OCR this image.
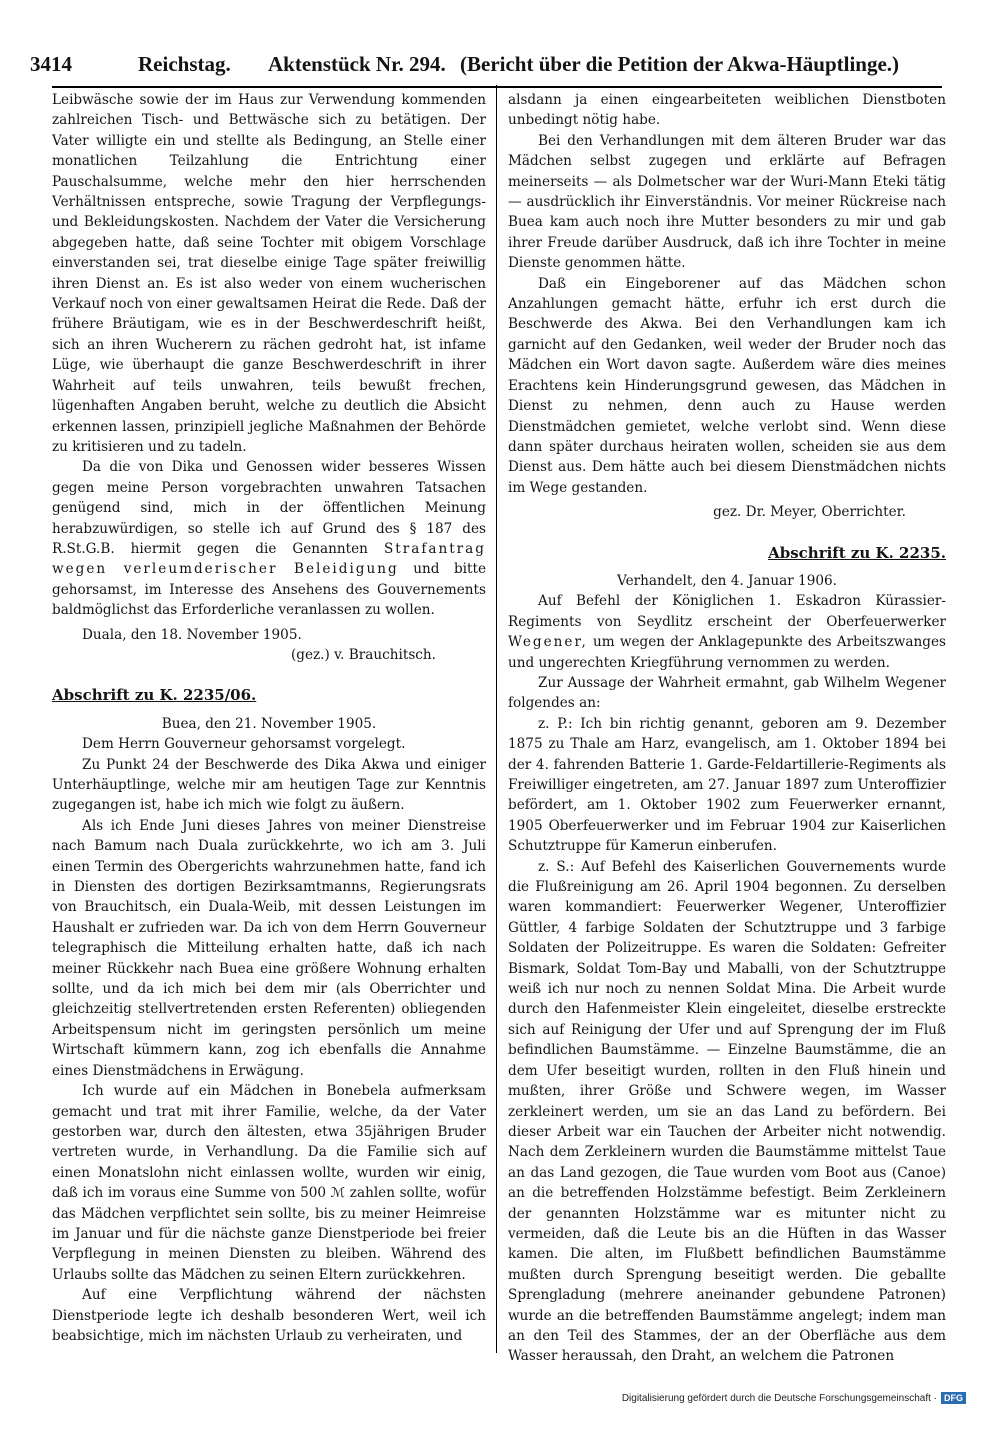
3414	Reichstag. Aktenstück Nr. 294. (Bericht über die Petition der Akwa-Häuptlinge.)

Leibwäsche sowie der im Haus zur Verwendung kommenden zahlreichen Tisch- und Bettwäsche sich zu betätigen. Der Vater willigte ein und stellte als Bedingung, an Stelle einer monatlichen Teilzahlung die Entrichtung einer Pauschalsumme, welche mehr den hier herrschenden Verhältnissen entspreche, sowie Tragung der Verpflegungs- und Bekleidungskosten. Nachdem der Vater die Versicherung abgegeben hatte, daß seine Tochter mit obigem Vorschlage einverstanden sei, trat dieselbe einige Tage später freiwillig ihren Dienst an. Es ist also weder von einem wucherischen Verkauf noch von einer gewaltsamen Heirat die Rede. Daß der frühere Bräutigam, wie es in der Beschwerdeschrift heißt, sich an ihren Wucherern zu rächen gedroht hat, ist infame Lüge, wie überhaupt die ganze Beschwerdeschrift in ihrer Wahrheit auf teils unwahren, teils bewußt frechen, lügenhaften Angaben beruht, welche zu deutlich die Absicht erkennen lassen, prinzipiell jegliche Maßnahmen der Behörde zu kritisieren und zu tadeln.

Da die von Dika und Genossen wider besseres Wissen gegen meine Person vorgebrachten unwahren Tatsachen genügend sind, mich in der öffentlichen Meinung herabzuwürdigen, so stelle ich auf Grund des § 187 des R.St.G.B. hiermit gegen die Genannten Strafantrag wegen verleumderischer Beleidigung und bitte gehorsamst, im Interesse des Ansehens des Gouvernements baldmöglichst das Erforderliche veranlassen zu wollen.

Duala, den 18. November 1905.

(gez.) v. Brauchitsch.

Abschrift zu K. 2235/06.

Buea, den 21. November 1905.

Dem Herrn Gouverneur gehorsamst vorgelegt.

Zu Punkt 24 der Beschwerde des Dika Akwa und einiger Unterhäuptlinge, welche mir am heutigen Tage zur Kenntnis zugegangen ist, habe ich mich wie folgt zu äußern.

Als ich Ende Juni dieses Jahres von meiner Dienstreise nach Bamum nach Duala zurückkehrte, wo ich am 3. Juli einen Termin des Obergerichts wahrzunehmen hatte, fand ich in Diensten des dortigen Bezirksamtmanns, Regierungsrats von Brauchitsch, ein Duala-Weib, mit dessen Leistungen im Haushalt er zufrieden war. Da ich von dem Herrn Gouverneur telegraphisch die Mitteilung erhalten hatte, daß ich nach meiner Rückkehr nach Buea eine größere Wohnung erhalten sollte, und da ich mich bei dem mir (als Oberrichter und gleichzeitig stellvertretenden ersten Referenten) obliegenden Arbeitspensum nicht im geringsten persönlich um meine Wirtschaft kümmern kann, zog ich ebenfalls die Annahme eines Dienstmädchens in Erwägung.

Ich wurde auf ein Mädchen in Bonebela aufmerksam gemacht und trat mit ihrer Familie, welche, da der Vater gestorben war, durch den ältesten, etwa 35jährigen Bruder vertreten wurde, in Verhandlung. Da die Familie sich auf einen Monatslohn nicht einlassen wollte, wurden wir einig, daß ich im voraus eine Summe von 500 ℳ zahlen sollte, wofür das Mädchen verpflichtet sein sollte, bis zu meiner Heimreise im Januar und für die nächste ganze Dienstperiode bei freier Verpflegung in meinen Diensten zu bleiben. Während des Urlaubs sollte das Mädchen zu seinen Eltern zurückkehren.

Auf eine Verpflichtung während der nächsten Dienstperiode legte ich deshalb besonderen Wert, weil ich beabsichtige, mich im nächsten Urlaub zu verheiraten, und

alsdann ja einen eingearbeiteten weiblichen Dienstboten unbedingt nötig habe.

Bei den Verhandlungen mit dem älteren Bruder war das Mädchen selbst zugegen und erklärte auf Befragen meinerseits — als Dolmetscher war der Wuri-Mann Eteki tätig — ausdrücklich ihr Einverständnis. Vor meiner Rückreise nach Buea kam auch noch ihre Mutter besonders zu mir und gab ihrer Freude darüber Ausdruck, daß ich ihre Tochter in meine Dienste genommen hätte.

Daß ein Eingeborener auf das Mädchen schon Anzahlungen gemacht hätte, erfuhr ich erst durch die Beschwerde des Akwa. Bei den Verhandlungen kam ich garnicht auf den Gedanken, weil weder der Bruder noch das Mädchen ein Wort davon sagte. Außerdem wäre dies meines Erachtens kein Hinderungsgrund gewesen, das Mädchen in Dienst zu nehmen, denn auch zu Hause werden Dienstmädchen gemietet, welche verlobt sind. Wenn diese dann später durchaus heiraten wollen, scheiden sie aus dem Dienst aus. Dem hätte auch bei diesem Dienstmädchen nichts im Wege gestanden.

gez. Dr. Meyer, Oberrichter.

Abschrift zu K. 2235.

Verhandelt, den 4. Januar 1906.

Auf Befehl der Königlichen 1. Eskadron Kürassier-Regiments von Seydlitz erscheint der Oberfeuerwerker Wegener, um wegen der Anklagepunkte des Arbeitszwanges und ungerechten Kriegführung vernommen zu werden.

Zur Aussage der Wahrheit ermahnt, gab Wilhelm Wegener folgendes an:

z. P.: Ich bin richtig genannt, geboren am 9. Dezember 1875 zu Thale am Harz, evangelisch, am 1. Oktober 1894 bei der 4. fahrenden Batterie 1. Garde-Feldartillerie-Regiments als Freiwilliger eingetreten, am 27. Januar 1897 zum Unteroffizier befördert, am 1. Oktober 1902 zum Feuerwerker ernannt, 1905 Oberfeuerwerker und im Februar 1904 zur Kaiserlichen Schutztruppe für Kamerun einberufen.

z. S.: Auf Befehl des Kaiserlichen Gouvernements wurde die Flußreinigung am 26. April 1904 begonnen. Zu derselben waren kommandiert: Feuerwerker Wegener, Unteroffizier Güttler, 4 farbige Soldaten der Schutztruppe und 3 farbige Soldaten der Polizeitruppe. Es waren die Soldaten: Gefreiter Bismark, Soldat Tom-Bay und Maballi, von der Schutztruppe weiß ich nur noch zu nennen Soldat Mina. Die Arbeit wurde durch den Hafenmeister Klein eingeleitet, dieselbe erstreckte sich auf Reinigung der Ufer und auf Sprengung der im Fluß befindlichen Baumstämme. — Einzelne Baumstämme, die an dem Ufer beseitigt wurden, rollten in den Fluß hinein und mußten, ihrer Größe und Schwere wegen, im Wasser zerkleinert werden, um sie an das Land zu befördern. Bei dieser Arbeit war ein Tauchen der Arbeiter nicht notwendig. Nach dem Zerkleinern wurden die Baumstämme mittelst Taue an das Land gezogen, die Taue wurden vom Boot aus (Canoe) an die betreffenden Holzstämme befestigt. Beim Zerkleinern der genannten Holzstämme war es mitunter nicht zu vermeiden, daß die Leute bis an die Hüften in das Wasser kamen. Die alten, im Flußbett befindlichen Baumstämme mußten durch Sprengung beseitigt werden. Die geballte Sprengladung (mehrere aneinander gebundene Patronen) wurde an die betreffenden Baumstämme angelegt; indem man an den Teil des Stammes, der an der Oberfläche aus dem Wasser heraussah, den Draht, an welchem die Patronen

Digitalisierung gefördert durch die Deutsche Forschungsgemeinschaft · DFG
